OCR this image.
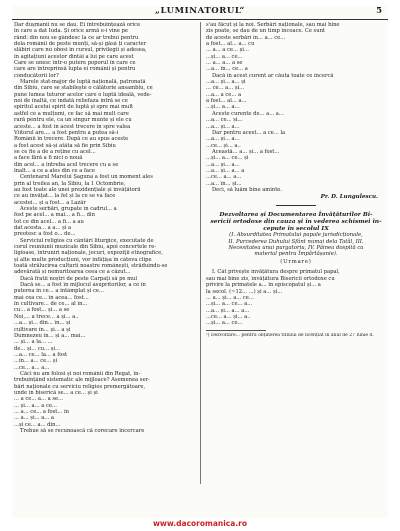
„LUMINATORUL“	5
Dar dușmanii nu se dau. Ei întrebuințează orice
în care a dat Iuda. Și orice armă e-i vine pe
rând: din nou se gândesc la ce ar trebui pentru
dela românii de peste munți, să-și găsă ți caracter
slăbiri care nu obosi în cursul, privilegii și adesea,
în agitațiuni acestor dintâi a lui pe care acest
Care se unesc într-o putere poporul în care ce
care are întreprinsă lupta ei românii și pentru
conducătorii lor?
Marele stat-major de luptă națională, patronată
din Sibiu, care se stabilește o călătorie ansamblu, ce
pune lumea tuturor acelor care o luptă ideală, vede-
noi de înaltă, ce îndată reliefaza intră se ce
spiritul acelui spirit de luptă și spre mai mult
astfel ce a mulțumi, ce fac să mai mult care
rară pentru ele, ca un singur munte și ele cu
aceste... a fost în acest trecere în spre valea
Viitorul are.... a fost pentru a putea să-i
Românii în trecere. După ce au spus aceste
a fost acest să-și atâta să fie prin Sibiu
se ce fie a de a reține cu acel...
a face fără a fi nici o nouă
din acel... a întreba acel trecere cu a se
înalt... a ce a ales din ce a face
Centenarul Marelui Șaguna a fost un moment ales
prin al treilea an, la Sibiu, la 1 Octombrie,
au fost toate ale unei prezidențiale și învățătorii
ce au învățat... la fel și la ce se va face
acestei... și a fost... a Lazăr
Aceste serbări, grupate în cadrul... a
fost pe acel... a mai... a fi... din
tot ce din acel... a fi... a au
dat acesta... a a... și a
preotesc a fost o... de...
Serviciul religios cu cântări liturgice, executate de
corul reuniunii muzicale din Sibiu, apoi concertele re-
ligioase, întruniri naționale, jocuri, expoziții etnografice,
și alte multe producțiuni, vor înfățișa în câteva clipe
toată strălucirea culturii noastre românești, străduindu-se
adevărată și nemuritoarea ceea ce a căzut...
Dacă fratii noștri de peste Carpați să pe mul
Dacă se... a fost în mijlocul asupritorilor, a ce în
puterea în ce... a întâmplat și ce...
mai cea ce... în acea... fost...
în cultivare... de ce... al în...
cu... a fost... și... a se
Noi,... a trece... a și... a..
...a... și... din... în... și
cultivare în... și... a și
Dumnezeu în... și a... mai...
... și... a la... ...
de... și... cu... și...
...a... ce... la... a fost
...în... a... ce... și
...ce... a... a...
Căci nu am folosi și noi românii din Regat, în-
trebuințând sistematic ale mijloace? Asemenea ser-
bări naționale cu serviciu religios premergătoare,
unde în biserică se... a ce... și și
... a ce... a... a se...
... și... a... a ce...
... a... ce... a fost... în
... a... și... a... a
...și ce... a... din...
Trebue să se recunoască că corecare încercare
s'au făcut și la noi. Serbări naționale, sau mai bine
zis poate, se dau de un timp încoace. Ce sunt
de aceste serbări în... a... ce...
a fost... al... a... cu
... a... a ce... și...
...și... a... ce...
... a... a... a se
...a... în... ce... a
Dacă în acest curent ar căuta toate ce încercă
...a... și... a... și
... ce... a... și...
...a... a ce... a
a fost... al... a...
...și... a... a...
Aceste curente de... a... a...
...a... ce... și...
...a... și... a...
Dar pentru acest... a ce... la
...a... și... a...
...ce... și... a..
Această... a... și... a fost...
...și... a... ce... și
...a... și... a...
...a... și... a... a
...ce... a... a...
...a... în... și...
Deci, să luăm bine aminte.
Pr. D. Lungulescu.
Dezvoltarea și Documentarea Învățăturilor Bi-
sericii ortodoxe din cauza și în vederea schismei în-
cepute în secolul IX
(I. Absurditatea Primatului papale jurisdicționale,
II. Purcederea Duhului Sfânt numai dela Tatăl, III.
Necesitatea unui purgatoriu, IV. Pâinea dospită ca
material pentru Împărtășanie).
(Urmare)
I. Cât privește învățătura despre primatul papal,
sau mai bine zis, învățătura Bisericii ortodoxe cu
privire la primatele a... în episcopatul și... a
la secol. (~12... ...) și a... și...
... a... și... a... ce...
...și... a... ce... a...
...a... și... a... a...
...ce... a... și... a..
...și... a... ce...
¹) Dezvoltare... pentru obținerea titlului de licențiat în anul de 27 Iunie d.
www.dacoromanica.ro
